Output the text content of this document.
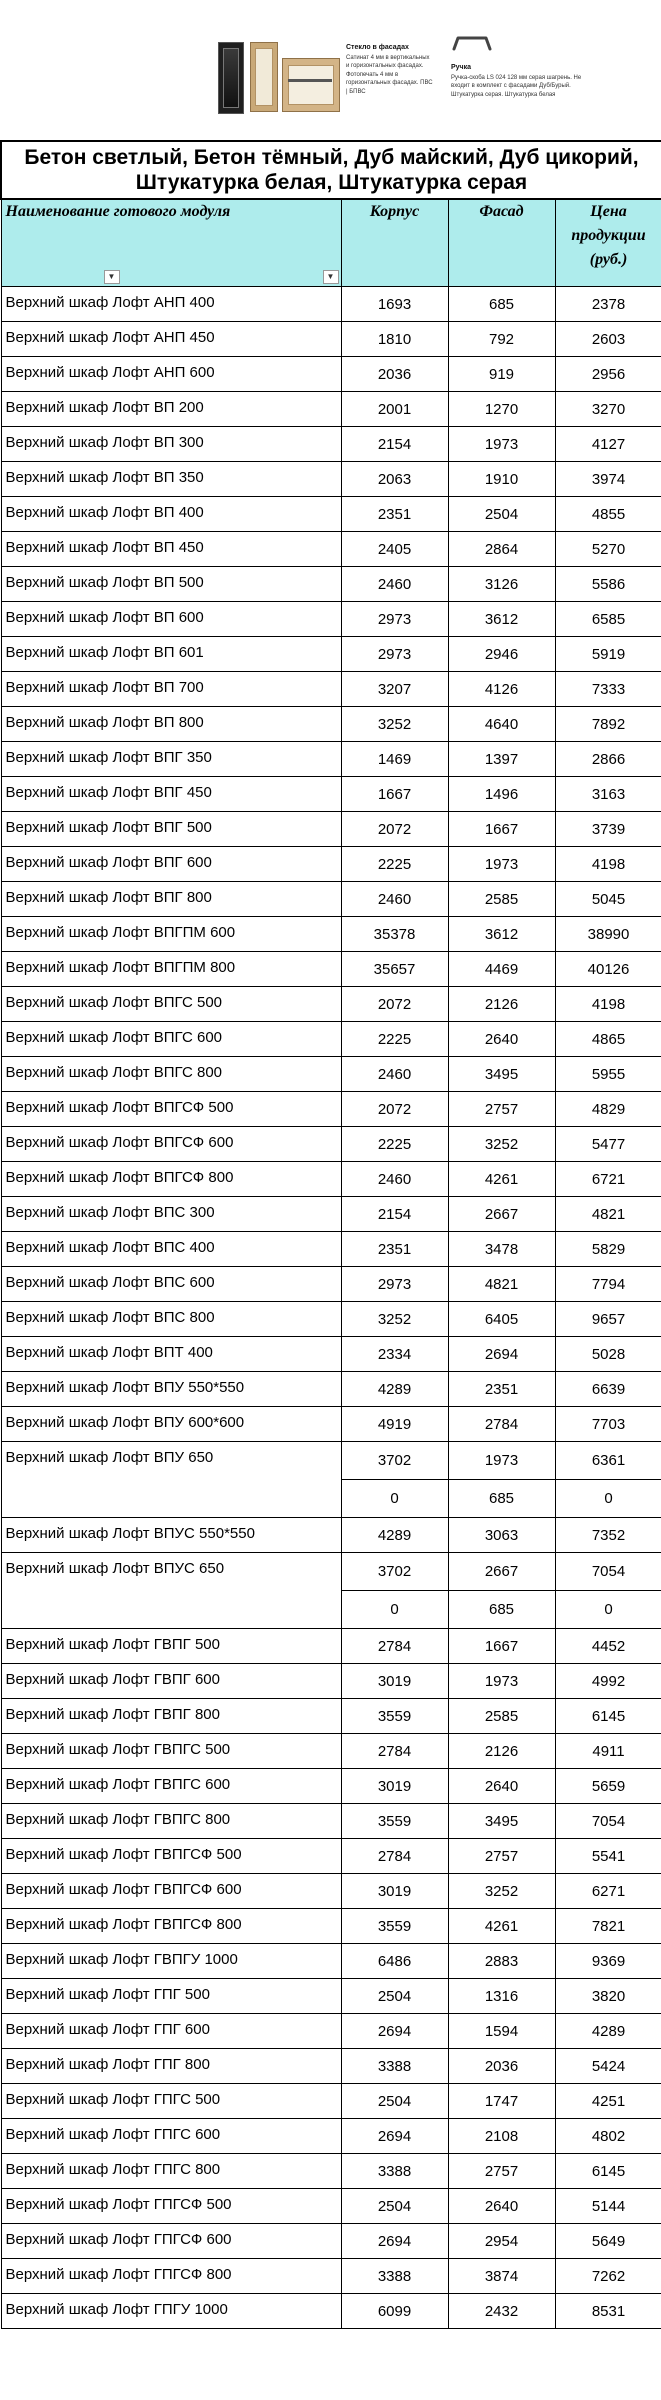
Стекло в фасадах
Сатинат 4 мм в вертикальных и горизонтальных фасадах. Фотопечать 4 мм в горизонтальных фасадах. ПВС | БПВС
Ручка
Ручка-скоба LS 024 128 мм серая шагрень. Не входит в комплект с фасадами Дуб/Бурый. Штукатурка серая. Штукатурка белая
Бетон светлый, Бетон тёмный, Дуб майский, Дуб цикорий, Штукатурка белая, Штукатурка серая			
Наименование готового модуля
▼ ▼	Корпус	Фасад	Цена продукции (руб.)
Верхний шкаф Лофт АНП 400	1693	685	2378
Верхний шкаф Лофт АНП 450	1810	792	2603
Верхний шкаф Лофт АНП 600	2036	919	2956
Верхний шкаф Лофт ВП 200	2001	1270	3270
Верхний шкаф Лофт ВП 300	2154	1973	4127
Верхний шкаф Лофт ВП 350	2063	1910	3974
Верхний шкаф Лофт ВП 400	2351	2504	4855
Верхний шкаф Лофт ВП 450	2405	2864	5270
Верхний шкаф Лофт ВП 500	2460	3126	5586
Верхний шкаф Лофт ВП 600	2973	3612	6585
Верхний шкаф Лофт ВП 601	2973	2946	5919
Верхний шкаф Лофт ВП 700	3207	4126	7333
Верхний шкаф Лофт ВП 800	3252	4640	7892
Верхний шкаф Лофт ВПГ 350	1469	1397	2866
Верхний шкаф Лофт ВПГ 450	1667	1496	3163
Верхний шкаф Лофт ВПГ 500	2072	1667	3739
Верхний шкаф Лофт ВПГ 600	2225	1973	4198
Верхний шкаф Лофт ВПГ 800	2460	2585	5045
Верхний шкаф Лофт ВПГПМ 600	35378	3612	38990
Верхний шкаф Лофт ВПГПМ 800	35657	4469	40126
Верхний шкаф Лофт ВПГС 500	2072	2126	4198
Верхний шкаф Лофт ВПГС 600	2225	2640	4865
Верхний шкаф Лофт ВПГС 800	2460	3495	5955
Верхний шкаф Лофт ВПГСФ 500	2072	2757	4829
Верхний шкаф Лофт ВПГСФ 600	2225	3252	5477
Верхний шкаф Лофт ВПГСФ 800	2460	4261	6721
Верхний шкаф Лофт ВПС 300	2154	2667	4821
Верхний шкаф Лофт ВПС 400	2351	3478	5829
Верхний шкаф Лофт ВПС 600	2973	4821	7794
Верхний шкаф Лофт ВПС 800	3252	6405	9657
Верхний шкаф Лофт ВПТ 400	2334	2694	5028
Верхний шкаф Лофт ВПУ 550*550	4289	2351	6639
Верхний шкаф Лофт ВПУ 600*600	4919	2784	7703
Верхний шкаф Лофт ВПУ 650	3702	1973	6361
	0	685	0
Верхний шкаф Лофт ВПУС 550*550	4289	3063	7352
Верхний шкаф Лофт ВПУС 650	3702	2667	7054
	0	685	0
Верхний шкаф Лофт ГВПГ 500	2784	1667	4452
Верхний шкаф Лофт ГВПГ 600	3019	1973	4992
Верхний шкаф Лофт ГВПГ 800	3559	2585	6145
Верхний шкаф Лофт ГВПГС 500	2784	2126	4911
Верхний шкаф Лофт ГВПГС 600	3019	2640	5659
Верхний шкаф Лофт ГВПГС 800	3559	3495	7054
Верхний шкаф Лофт ГВПГСФ 500	2784	2757	5541
Верхний шкаф Лофт ГВПГСФ 600	3019	3252	6271
Верхний шкаф Лофт ГВПГСФ 800	3559	4261	7821
Верхний шкаф Лофт ГВПГУ 1000	6486	2883	9369
Верхний шкаф Лофт ГПГ 500	2504	1316	3820
Верхний шкаф Лофт ГПГ 600	2694	1594	4289
Верхний шкаф Лофт ГПГ 800	3388	2036	5424
Верхний шкаф Лофт ГПГС 500	2504	1747	4251
Верхний шкаф Лофт ГПГС 600	2694	2108	4802
Верхний шкаф Лофт ГПГС 800	3388	2757	6145
Верхний шкаф Лофт ГПГСФ 500	2504	2640	5144
Верхний шкаф Лофт ГПГСФ 600	2694	2954	5649
Верхний шкаф Лофт ГПГСФ 800	3388	3874	7262
Верхний шкаф Лофт ГПГУ 1000	6099	2432	8531
